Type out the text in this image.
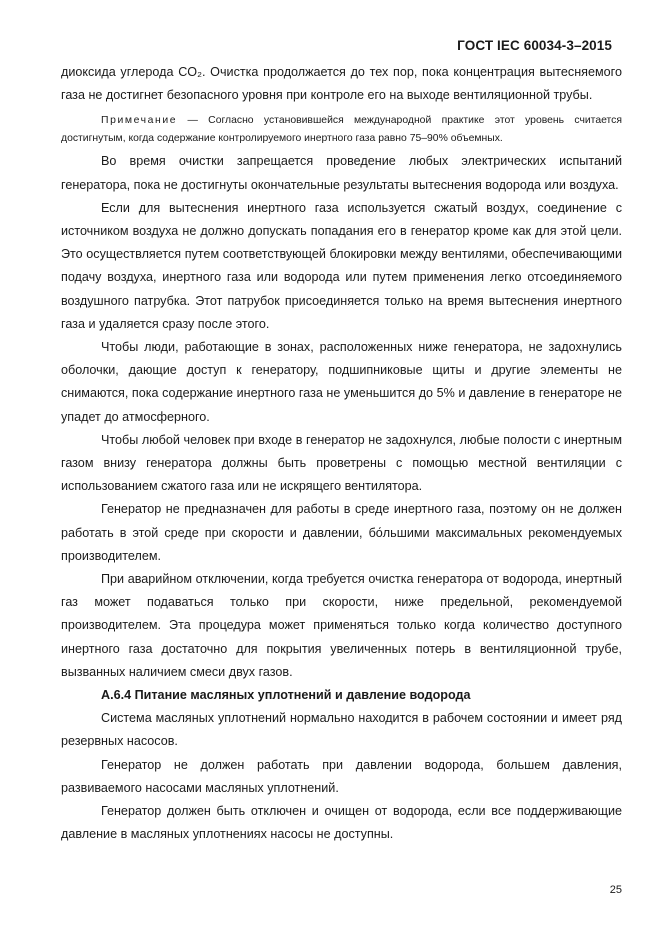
ГОСТ IEC 60034-3–2015

диоксида углерода CO₂. Очистка продолжается до тех пор, пока концентрация вытесняемого газа не достигнет безопасного уровня при контроле его на выходе вентиляционной трубы.

Примечание — Согласно установившейся международной практике этот уровень считается достигнутым, когда содержание контролируемого инертного газа равно 75–90% объемных.

Во время очистки запрещается проведение любых электрических испытаний генератора, пока не достигнуты окончательные результаты вытеснения водорода или воздуха.

Если для вытеснения инертного газа используется сжатый воздух, соединение с источником воздуха не должно допускать попадания его в генератор кроме как для этой цели. Это осуществляется путем соответствующей блокировки между вентилями, обеспечивающими подачу воздуха, инертного газа или водорода или путем применения легко отсоединяемого воздушного патрубка. Этот патрубок присоединяется только на время вытеснения инертного газа и удаляется сразу после этого.

Чтобы люди, работающие в зонах, расположенных ниже генератора, не задохнулись оболочки, дающие доступ к генератору, подшипниковые щиты и другие элементы не снимаются, пока содержание инертного газа не уменьшится до 5% и давление в генераторе не упадет до атмосферного.

Чтобы любой человек при входе в генератор не задохнулся, любые полости с инертным газом внизу генератора должны быть проветрены с помощью местной вентиляции с использованием сжатого газа или не искрящего вентилятора.

Генератор не предназначен для работы в среде инертного газа, поэтому он не должен работать в этой среде при скорости и давлении, бо́льшими максимальных рекомендуемых производителем.

При аварийном отключении, когда требуется очистка генератора от водорода, инертный газ может подаваться только при скорости, ниже предельной, рекомендуемой производителем. Эта процедура может применяться только когда количество доступного инертного газа достаточно для покрытия увеличенных потерь в вентиляционной трубе, вызванных наличием смеси двух газов.

А.6.4 Питание масляных уплотнений и давление водорода

Система масляных уплотнений нормально находится в рабочем состоянии и имеет ряд резервных насосов.

Генератор не должен работать при давлении водорода, большем давления, развиваемого насосами масляных уплотнений.

Генератор должен быть отключен и очищен от водорода, если все поддерживающие давление в масляных уплотнениях насосы не доступны.

25
